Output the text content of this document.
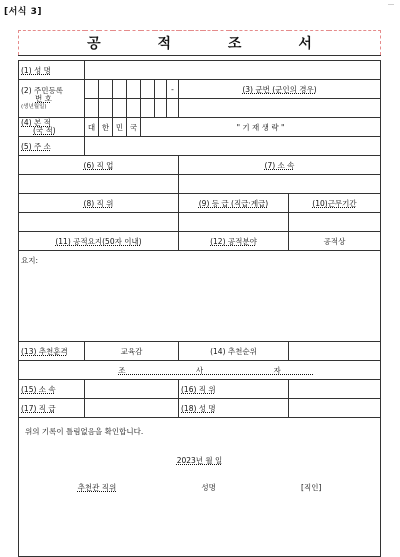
[서식 3]
공 적 조 서									

(1) 성 명									

(2) 주민등록
번 호
(생년월일)							-	(3) 군번 (군인의 경우)	

(4) 본 적
(국 적)	대	한	민	국	" 기 재 생 략 "				
(5) 주 소									
(6) 직 업								(7) 소 속	

(8) 직 위								(9) 등 급 (직급·계급)	(10)근무기간

(11) 공적요지(50자 이내)								(12) 공적분야	공적상
요지:									
(13) 추천훈격	교육감							(14) 추천순위	
조 사 자									
(15) 소 속								(16) 직 위	
(17) 직 급								(18) 성 명	

위의 기록이 틀림없음을 확인합니다.
2023년 월 일
추천관 직위 성명 [직인]									
